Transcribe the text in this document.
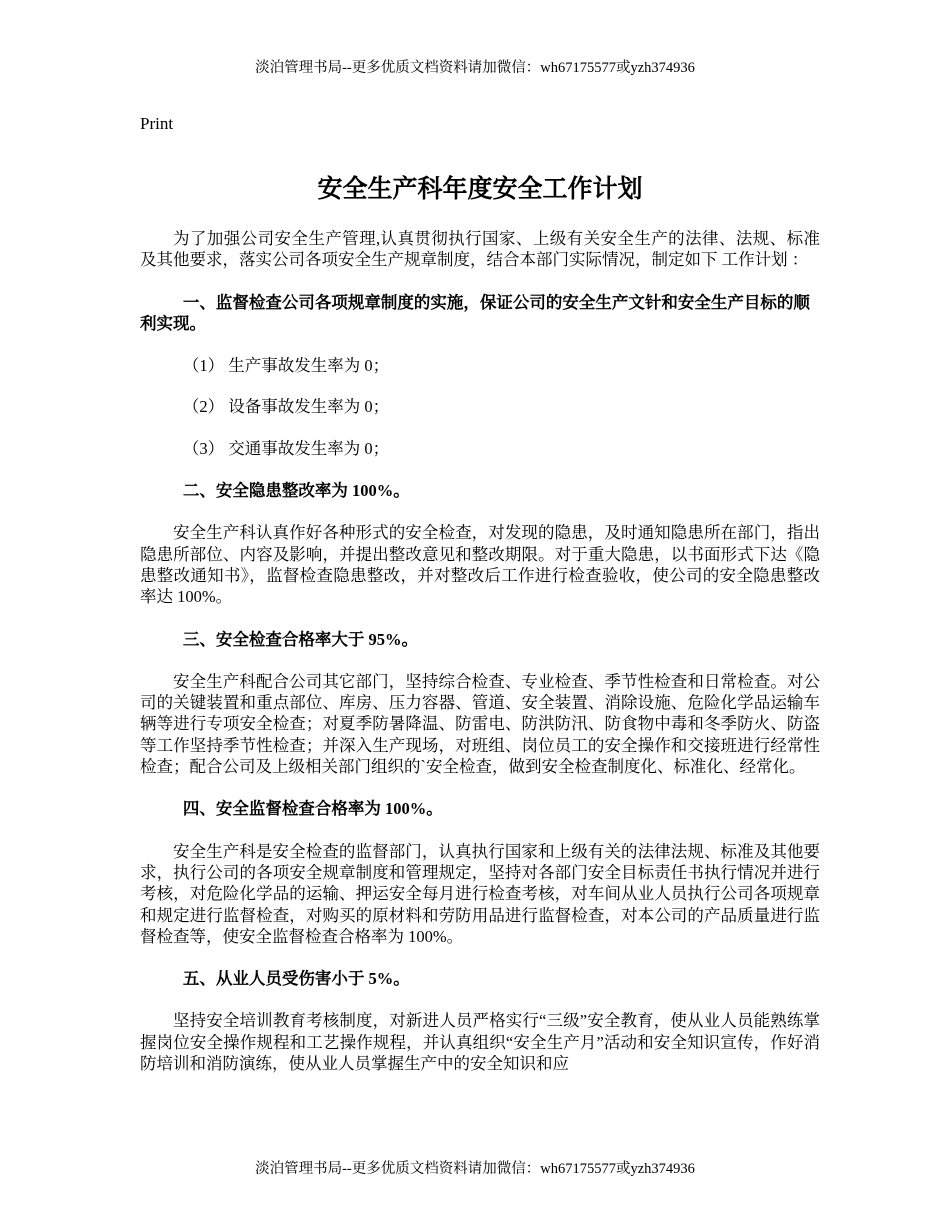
淡泊管理书局--更多优质文档资料请加微信：wh67175577或yzh374936

Print

安全生产科年度安全工作计划

为了加强公司安全生产管理,认真贯彻执行国家、上级有关安全生产的法律、法规、标准及其他要求，落实公司各项安全生产规章制度，结合本部门实际情况，制定如下 工作计划 ：

一、监督检查公司各项规章制度的实施，保证公司的安全生产文针和安全生产目标的顺利实现。

（1） 生产事故发生率为 0；

（2） 设备事故发生率为 0；

（3） 交通事故发生率为 0；

二、安全隐患整改率为 100%。

安全生产科认真作好各种形式的安全检查，对发现的隐患，及时通知隐患所在部门，指出隐患所部位、内容及影响，并提出整改意见和整改期限。对于重大隐患，以书面形式下达《隐患整改通知书》，监督检查隐患整改，并对整改后工作进行检查验收，使公司的安全隐患整改率达 100%。

三、安全检查合格率大于 95%。

安全生产科配合公司其它部门，坚持综合检查、专业检查、季节性检查和日常检查。对公司的关键装置和重点部位、库房、压力容器、管道、安全装置、消除设施、危险化学品运输车辆等进行专项安全检查；对夏季防暑降温、防雷电、防洪防汛、防食物中毒和冬季防火、防盗等工作坚持季节性检查；并深入生产现场，对班组、岗位员工的安全操作和交接班进行经常性检查；配合公司及上级相关部门组织的`安全检查，做到安全检查制度化、标准化、经常化。

四、安全监督检查合格率为 100%。

安全生产科是安全检查的监督部门，认真执行国家和上级有关的法律法规、标准及其他要求，执行公司的各项安全规章制度和管理规定，坚持对各部门安全目标责任书执行情况并进行考核，对危险化学品的运输、押运安全每月进行检查考核，对车间从业人员执行公司各项规章和规定进行监督检查，对购买的原材料和劳防用品进行监督检查，对本公司的产品质量进行监督检查等，使安全监督检查合格率为 100%。

五、从业人员受伤害小于 5%。

坚持安全培训教育考核制度，对新进人员严格实行“三级”安全教育，使从业人员能熟练掌握岗位安全操作规程和工艺操作规程，并认真组织“安全生产月”活动和安全知识宣传，作好消防培训和消防演练，使从业人员掌握生产中的安全知识和应

淡泊管理书局--更多优质文档资料请加微信：wh67175577或yzh374936
